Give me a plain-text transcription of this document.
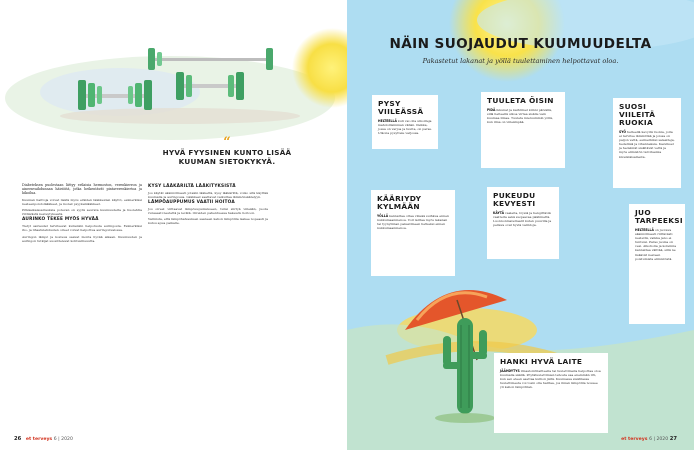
“
HYVÄ FYYSINEN KUNTO LISÄÄ KUUMAN SIETOKYKYÄ.

Diabeteksen puolestaan liittyy erilaisia hermoston, verenkierron ja aineenvaihdunnan häiriöitä, jotka heikentävät pintaverenkiertoa ja hikoilua.

Kuuman haittoja voivat lisätä myös eräiden lääkkeiden käyttö, esimerkiksi nesteenpoistolääkkeet, ja monet psyykenlääkkeet.

Pitkäaikaissairauksia potevan on syytä seurata kuumuudelta ja huolehtia riittävästä nesteytyksestä.

AURINKO TEKEE MYÖS HYVÄÄ

Tietyt sairaudet tarvitsevat kuitenkin helpotusta auringosta. Esimerkiksi iho- ja lihastulehdusten oireet voivat helpottua auringonvalossa.

Auringon lämpö ja kosteus saavat monta hyvää aikaan. Kuumuuden ja auringon tutkijat suosittelevat kohtuullisuutta.

KYSY LÄÄKÄRILTÄ LÄÄKITYKSISTÄ

Jos käytät säännöllisesti jotakin lääkettä, kysy lääkäriltä, voiko sitä käyttää kuumalla ja auringossa. Lääkkeet saattavat vaikuttaa lämmönsäätelyyn.

LÄMPÖAUPPUMUS VAATII HOITOA

Jos oireet viittaavat lämpöuupumukseen, tulisi siirtyä viileään, juoda runsaasti nestettä ja levätä. Oireiden pahentuessa hakeudu hoitoon.

Varmista, että lämpöhalvauksen saaneen kehon lämpötila laskee nopeasti ja kutsu apua paikalle.

26 et terveys 6 | 2020
NÄIN SUOJAUDUT KUUMUUDELTA
Pakastetut lakanat ja yöllä tuulettaminen helpottavat oloa.
PYSY VIILEÄSSÄ

HELTEELLÄ kuti vai olla ulkoilleja mahdollisimman vähän. Paikka, jossa on varjoa ja tuulta, on paras. Ulkona pysyttele varjossa.

TUULETA ÖISIN

PIDÄ ikkunat ja kaihtimet kiinni päivällä, sillä helteellä ulkoa virtaa sisälle vain kuumaa ilmaa. Tuuleta mieluummin yöllä, kun ilma on viileämpää.

SUOSI VIILEITÄ RUOKIA

SYÖ helteellä kevyitä ruokia, joita ei tarvitse lämmittää ja joissa on paljon vettä, esimerkiksi salaatteja, hedelmiä ja vihanneksia. Kasvikset ja hedelmät sisältävät vettä ja myös elimistön tarvitsemia kivennäisaineita.

KÄÄRIYDY KYLMÄÄN

YÖLLÄ kannattaa ottaa viileää suihkua ennen nukkumaanmenoa. Voit laittaa myös lakanan tai tyynyliinan pakastimeen hetkeksi ennen nukkumaanmenoa.

PUKEUDU KEVYESTI

KÄYTÄ vaaleita, löysiä ja hengittäviä vaatteita sekä suojaavaa päähinettä. Luonnonmateriaalit kuten puuvilla ja pellava ovat hyviä valintoja.

JUO TARPEEKSI

HELTEELLÄ on juotava säännöllisesti riittävästi nestettä, vaikka jano ei tuntuisi. Paras juoma on vesi. Alkoholia ja kofeiinia kannattaa välttää, sillä ne lisäävät nesteen poistumista elimistöstä.

HANKI HYVÄ LAITE

JÄÄHDYTYS ilmastointilaitteella tai tuulettimella helpottaa oloa kuumalla säällä. Pöytätuulettimien tehosta saa enemmän irti, kun sen eteen asettaa kulhon jäitä. Kuumassa sisätilassa tuulettimesta voi tosin olla haittaa, jos ilman lämpötila nousee yli kehon lämpötilan.

et terveys 6 | 2020 27
